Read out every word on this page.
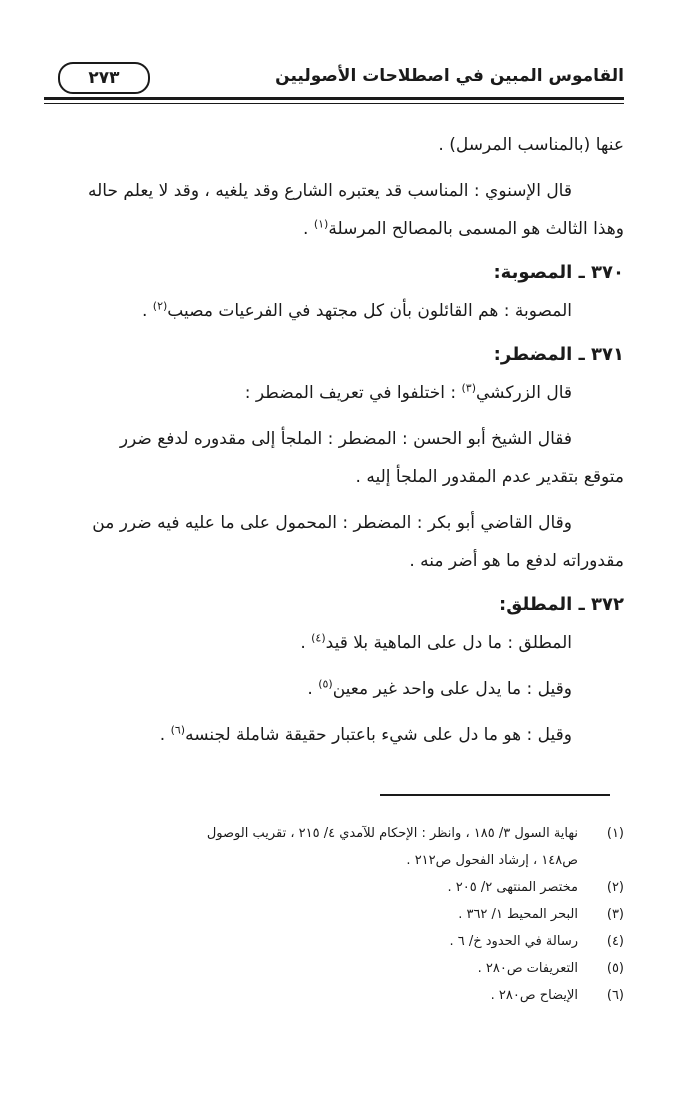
القاموس المبين في اصطلاحات الأصوليين
٢٧٣

عنها (بالمناسب المرسل) .

قال الإسنوي : المناسب قد يعتبره الشارع وقد يلغيه ، وقد لا يعلم حاله

وهذا الثالث هو المسمى بالمصالح المرسلة$^{(١)}$ .

٣٧٠ ـ المصوبة:

المصوبة : هم القائلون بأن كل مجتهد في الفرعيات مصيب$^{(٢)}$ .

٣٧١ ـ المضطر:

قال الزركشي$^{(٣)}$ : اختلفوا في تعريف المضطر :

فقال الشيخ أبو الحسن : المضطر : الملجأ إلى مقدوره لدفع ضرر

متوقع بتقدير عدم المقدور الملجأ إليه .

وقال القاضي أبو بكر : المضطر : المحمول على ما عليه فيه ضرر من

مقدوراته لدفع ما هو أضر منه .

٣٧٢ ـ المطلق:

المطلق : ما دل على الماهية بلا قيد$^{(٤)}$ .

وقيل : ما يدل على واحد غير معين$^{(٥)}$ .

وقيل : هو ما دل على شيء باعتبار حقيقة شاملة لجنسه$^{(٦)}$ .

(١)
نهاية السول ٣/ ١٨٥ ، وانظر : الإحكام للآمدي ٤/ ٢١٥ ، تقريب الوصول

ص١٤٨ ، إرشاد الفحول ص٢١٢ .

(٢)
مختصر المنتهى ٢/ ٢٠٥ .

(٣)
البحر المحيط ١/ ٣٦٢ .

(٤)
رسالة في الحدود خ/ ٦ .

(٥)
التعريفات ص٢٨٠ .

(٦)
الإيضاح ص٢٨٠ .
